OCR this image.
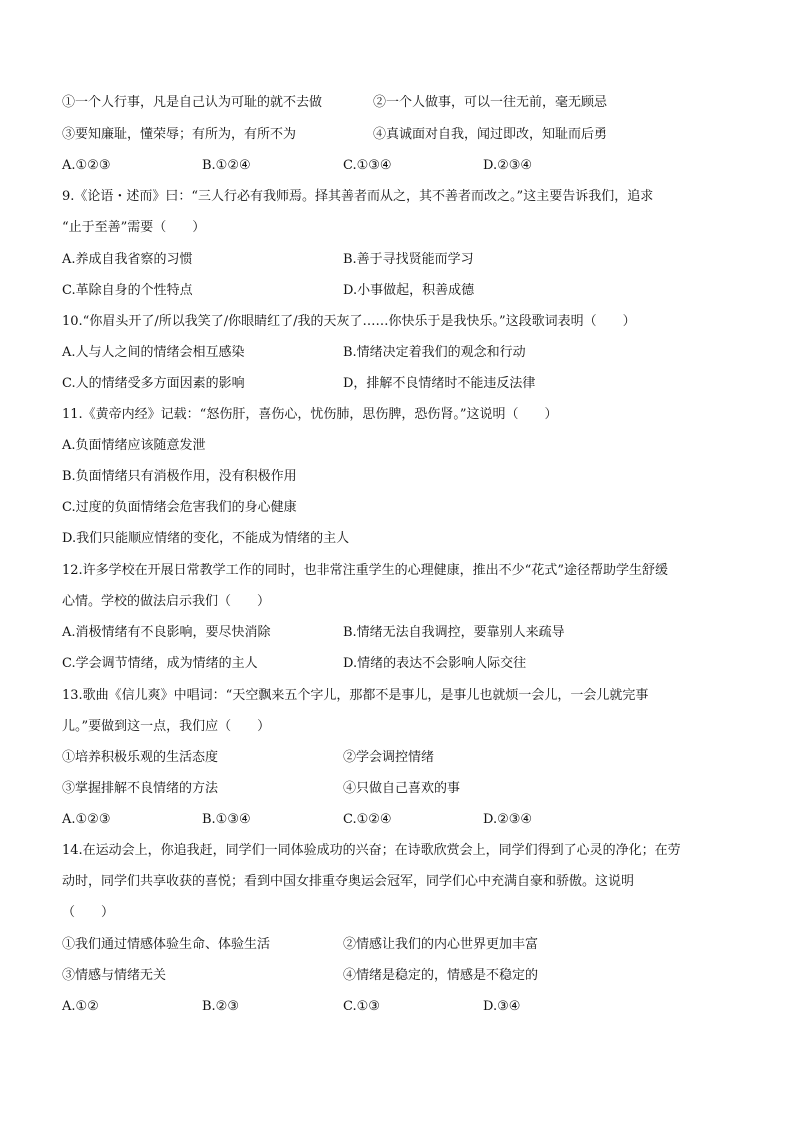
①一个人行事，凡是自己认为可耻的就不去做	②一个人做事，可以一往无前，毫无顾忌
③要知廉耻，懂荣辱；有所为，有所不为	④真诚面对自我，闻过即改，知耻而后勇
A.①②③	B.①②④	C.①③④	D.②③④
9.《论语・述而》曰：“三人行必有我师焉。择其善者而从之，其不善者而改之。”这主要告诉我们，追求
“止于至善”需要（　　）
A.养成自我省察的习惯	B.善于寻找贤能而学习
C.革除自身的个性特点	D.小事做起，积善成德
10.“你眉头开了/所以我笑了/你眼睛红了/我的天灰了……你快乐于是我快乐。”这段歌词表明（　　）
A.人与人之间的情绪会相互感染	B.情绪决定着我们的观念和行动
C.人的情绪受多方面因素的影响	D，排解不良情绪时不能违反法律
11.《黄帝内经》记载：“怒伤肝，喜伤心，忧伤肺，思伤脾，恐伤肾。”这说明（　　）
A.负面情绪应该随意发泄
B.负面情绪只有消极作用，没有积极作用
C.过度的负面情绪会危害我们的身心健康
D.我们只能顺应情绪的变化，不能成为情绪的主人
12.许多学校在开展日常教学工作的同时，也非常注重学生的心理健康，推出不少“花式”途径帮助学生舒缓
心情。学校的做法启示我们（　　）
A.消极情绪有不良影响，要尽快消除	B.情绪无法自我调控，要靠别人来疏导
C.学会调节情绪，成为情绪的主人	D.情绪的表达不会影响人际交往
13.歌曲《信儿爽》中唱词：“天空飘来五个字儿，那都不是事儿，是事儿也就烦一会儿，一会儿就完事
儿。”要做到这一点，我们应（　　）
①培养积极乐观的生活态度	②学会调控情绪
③掌握排解不良情绪的方法	④只做自己喜欢的事
A.①②③	B.①③④	C.①②④	D.②③④
14.在运动会上，你追我赶，同学们一同体验成功的兴奋；在诗歌欣赏会上，同学们得到了心灵的净化；在劳
动时，同学们共享收获的喜悦；看到中国女排重夺奥运会冠军，同学们心中充满自豪和骄傲。这说明
（　　）
①我们通过情感体验生命、体验生活	②情感让我们的内心世界更加丰富
③情感与情绪无关	④情绪是稳定的，情感是不稳定的
A.①②	B.②③	C.①③	D.③④
